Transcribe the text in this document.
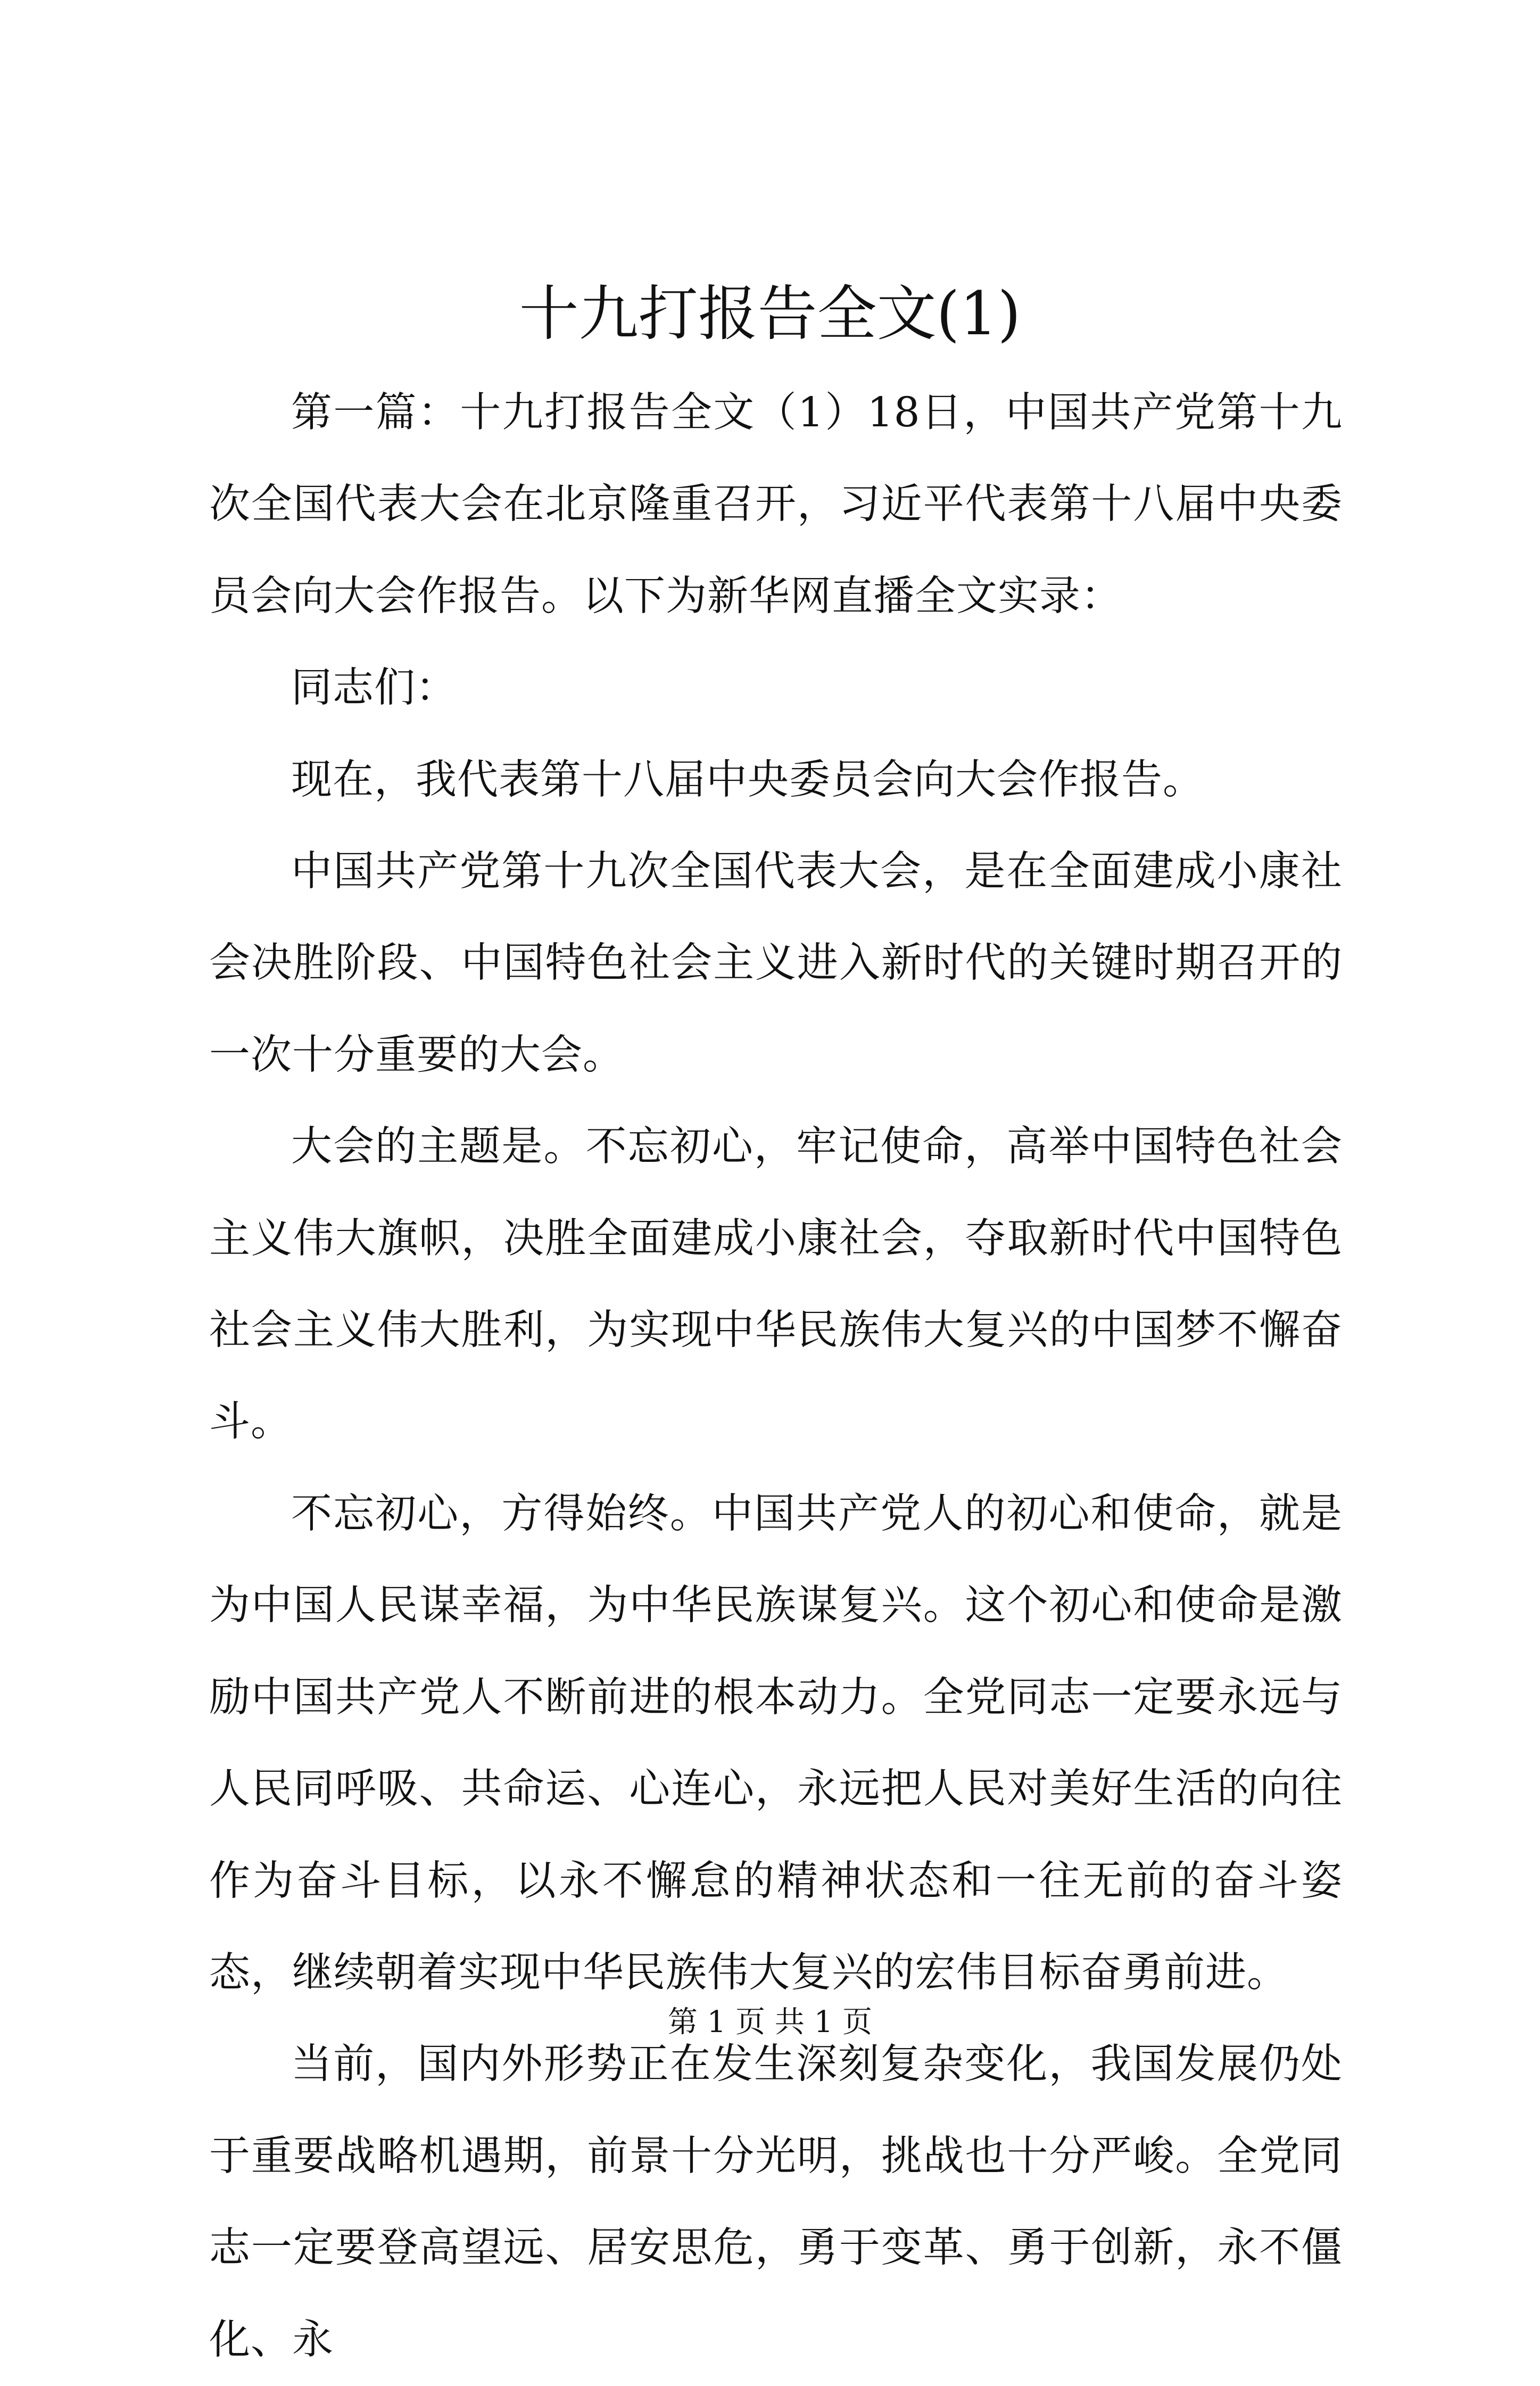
十九打报告全文(1)

第一篇：十九打报告全文（1）18日，中国共产党第十九次全国代表大会在北京隆重召开，习近平代表第十八届中央委员会向大会作报告。以下为新华网直播全文实录：

同志们：

现在，我代表第十八届中央委员会向大会作报告。

中国共产党第十九次全国代表大会，是在全面建成小康社会决胜阶段、中国特色社会主义进入新时代的关键时期召开的一次十分重要的大会。

大会的主题是。不忘初心，牢记使命，高举中国特色社会主义伟大旗帜，决胜全面建成小康社会，夺取新时代中国特色社会主义伟大胜利，为实现中华民族伟大复兴的中国梦不懈奋斗。

不忘初心，方得始终。中国共产党人的初心和使命，就是为中国人民谋幸福，为中华民族谋复兴。这个初心和使命是激励中国共产党人不断前进的根本动力。全党同志一定要永远与人民同呼吸、共命运、心连心，永远把人民对美好生活的向往作为奋斗目标，以永不懈怠的精神状态和一往无前的奋斗姿态，继续朝着实现中华民族伟大复兴的宏伟目标奋勇前进。

当前，国内外形势正在发生深刻复杂变化，我国发展仍处于重要战略机遇期，前景十分光明，挑战也十分严峻。全党同志一定要登高望远、居安思危，勇于变革、勇于创新，永不僵化、永

第 1 页 共 1 页
